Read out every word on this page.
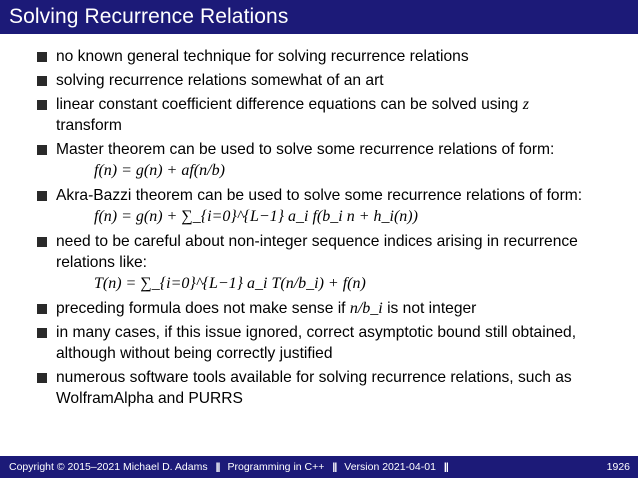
Solving Recurrence Relations
no known general technique for solving recurrence relations
solving recurrence relations somewhat of an art
linear constant coefficient difference equations can be solved using z
transform
Master theorem can be used to solve some recurrence relations of form:
f(n) = g(n) + af(n/b)
Akra-Bazzi theorem can be used to solve some recurrence relations of form:
f(n) = g(n) + ∑_{i=0}^{L−1} a_i f(b_i n + h_i(n))
need to be careful about non-integer sequence indices arising in recurrence relations like:
T(n) = ∑_{i=0}^{L−1} a_i T(n/b_i) + f(n)
preceding formula does not make sense if n/b_i is not integer
in many cases, if this issue ignored, correct asymptotic bound still obtained, although without being correctly justified
numerous software tools available for solving recurrence relations, such as WolframAlpha and PURRS
Copyright © 2015–2021 Michael D. Adams || Programming in C++ || Version 2021-04-01 ||	1926
